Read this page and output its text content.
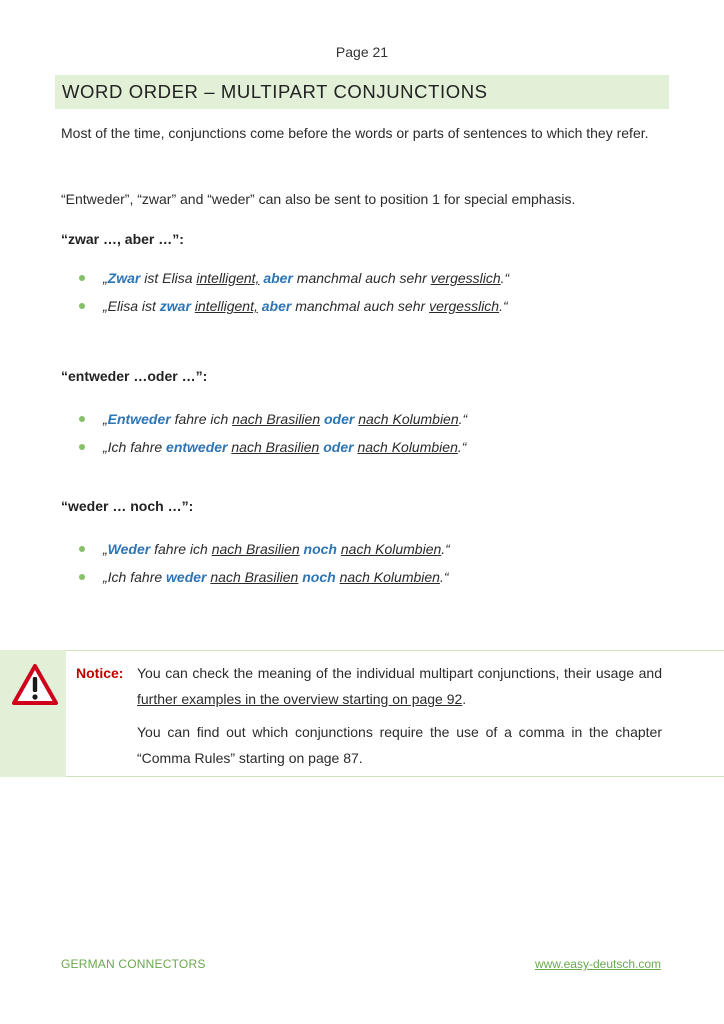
Page 21
WORD ORDER – MULTIPART CONJUNCTIONS
Most of the time, conjunctions come before the words or parts of sentences to which they refer.
“Entweder”, “zwar” and “weder” can also be sent to position 1 for special emphasis.
“zwar …, aber …”:
„Zwar ist Elisa intelligent, aber manchmal auch sehr vergesslich.“
„Elisa ist zwar intelligent, aber manchmal auch sehr vergesslich.“
“entweder …oder …”:
„Entweder fahre ich nach Brasilien oder nach Kolumbien.“
„Ich fahre entweder nach Brasilien oder nach Kolumbien.“
“weder … noch …”:
„Weder fahre ich nach Brasilien noch nach Kolumbien.“
„Ich fahre weder nach Brasilien noch nach Kolumbien.“
Notice: You can check the meaning of the individual multipart conjunctions, their usage and further examples in the overview starting on page 92.
You can find out which conjunctions require the use of a comma in the chapter “Comma Rules” starting on page 87.
GERMAN CONNECTORS	www.easy-deutsch.com
